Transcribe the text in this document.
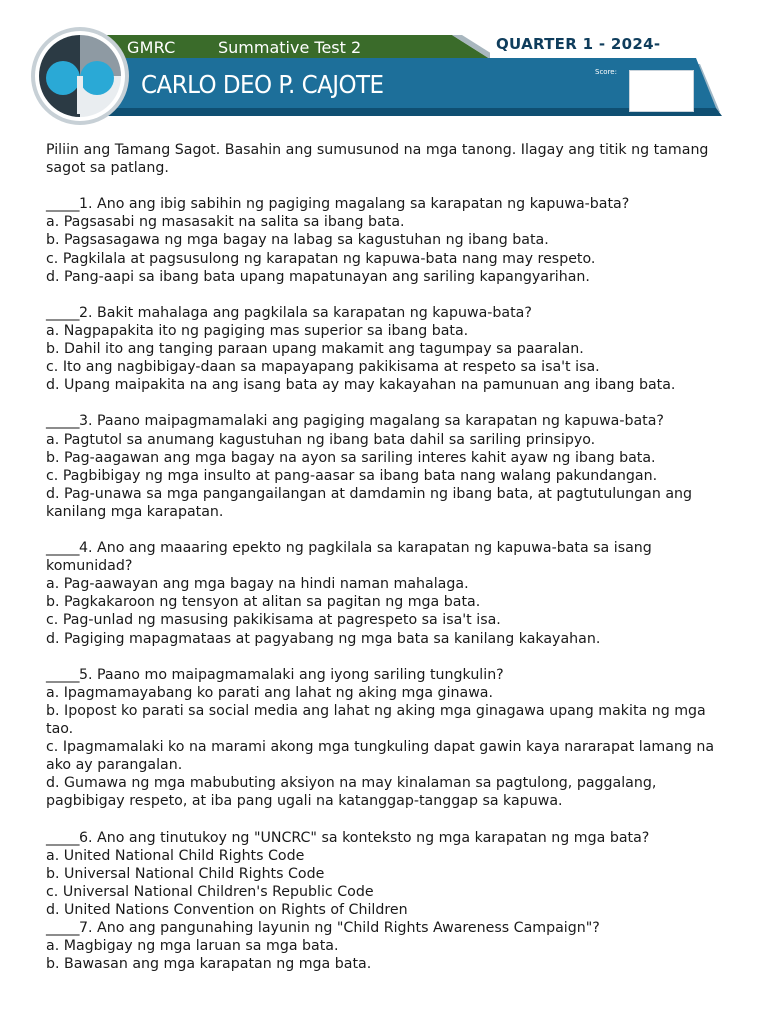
GMRC	Summative Test 2	QUARTER 1 - 2024-
CARLO DEO P. CAJOTE	Score:

Piliin ang Tamang Sagot. Basahin ang sumusunod na mga tanong. Ilagay ang titik ng tamang sagot sa patlang.

_____1. Ano ang ibig sabihin ng pagiging magalang sa karapatan ng kapuwa-bata?

a. Pagsasabi ng masasakit na salita sa ibang bata.

b. Pagsasagawa ng mga bagay na labag sa kagustuhan ng ibang bata.

c. Pagkilala at pagsusulong ng karapatan ng kapuwa-bata nang may respeto.

d. Pang-aapi sa ibang bata upang mapatunayan ang sariling kapangyarihan.

_____2. Bakit mahalaga ang pagkilala sa karapatan ng kapuwa-bata?

a. Nagpapakita ito ng pagiging mas superior sa ibang bata.

b. Dahil ito ang tanging paraan upang makamit ang tagumpay sa paaralan.

c. Ito ang nagbibigay-daan sa mapayapang pakikisama at respeto sa isa't isa.

d. Upang maipakita na ang isang bata ay may kakayahan na pamunuan ang ibang bata.

_____3. Paano maipagmamalaki ang pagiging magalang sa karapatan ng kapuwa-bata?

a. Pagtutol sa anumang kagustuhan ng ibang bata dahil sa sariling prinsipyo.

b. Pag-aagawan ang mga bagay na ayon sa sariling interes kahit ayaw ng ibang bata.

c. Pagbibigay ng mga insulto at pang-aasar sa ibang bata nang walang pakundangan.

d. Pag-unawa sa mga pangangailangan at damdamin ng ibang bata, at pagtutulungan ang kanilang mga karapatan.

_____4. Ano ang maaaring epekto ng pagkilala sa karapatan ng kapuwa-bata sa isang komunidad?

a. Pag-aawayan ang mga bagay na hindi naman mahalaga.

b. Pagkakaroon ng tensyon at alitan sa pagitan ng mga bata.

c. Pag-unlad ng masusing pakikisama at pagrespeto sa isa't isa.

d. Pagiging mapagmataas at pagyabang ng mga bata sa kanilang kakayahan.

_____5. Paano mo maipagmamalaki ang iyong sariling tungkulin?

a. Ipagmamayabang ko parati ang lahat ng aking mga ginawa.

b. Ipopost ko parati sa social media ang lahat ng aking mga ginagawa upang makita ng mga tao.

c. Ipagmamalaki ko na marami akong mga tungkuling dapat gawin kaya nararapat lamang na ako ay parangalan.

d. Gumawa ng mga mabubuting aksiyon na may kinalaman sa pagtulong, paggalang, pagbibigay respeto, at iba pang ugali na katanggap-tanggap sa kapuwa.

_____6. Ano ang tinutukoy ng "UNCRC" sa konteksto ng mga karapatan ng mga bata?

a. United National Child Rights Code

b. Universal National Child Rights Code

c. Universal National Children's Republic Code

d. United Nations Convention on Rights of Children

_____7. Ano ang pangunahing layunin ng "Child Rights Awareness Campaign"?

a. Magbigay ng mga laruan sa mga bata.

b. Bawasan ang mga karapatan ng mga bata.
